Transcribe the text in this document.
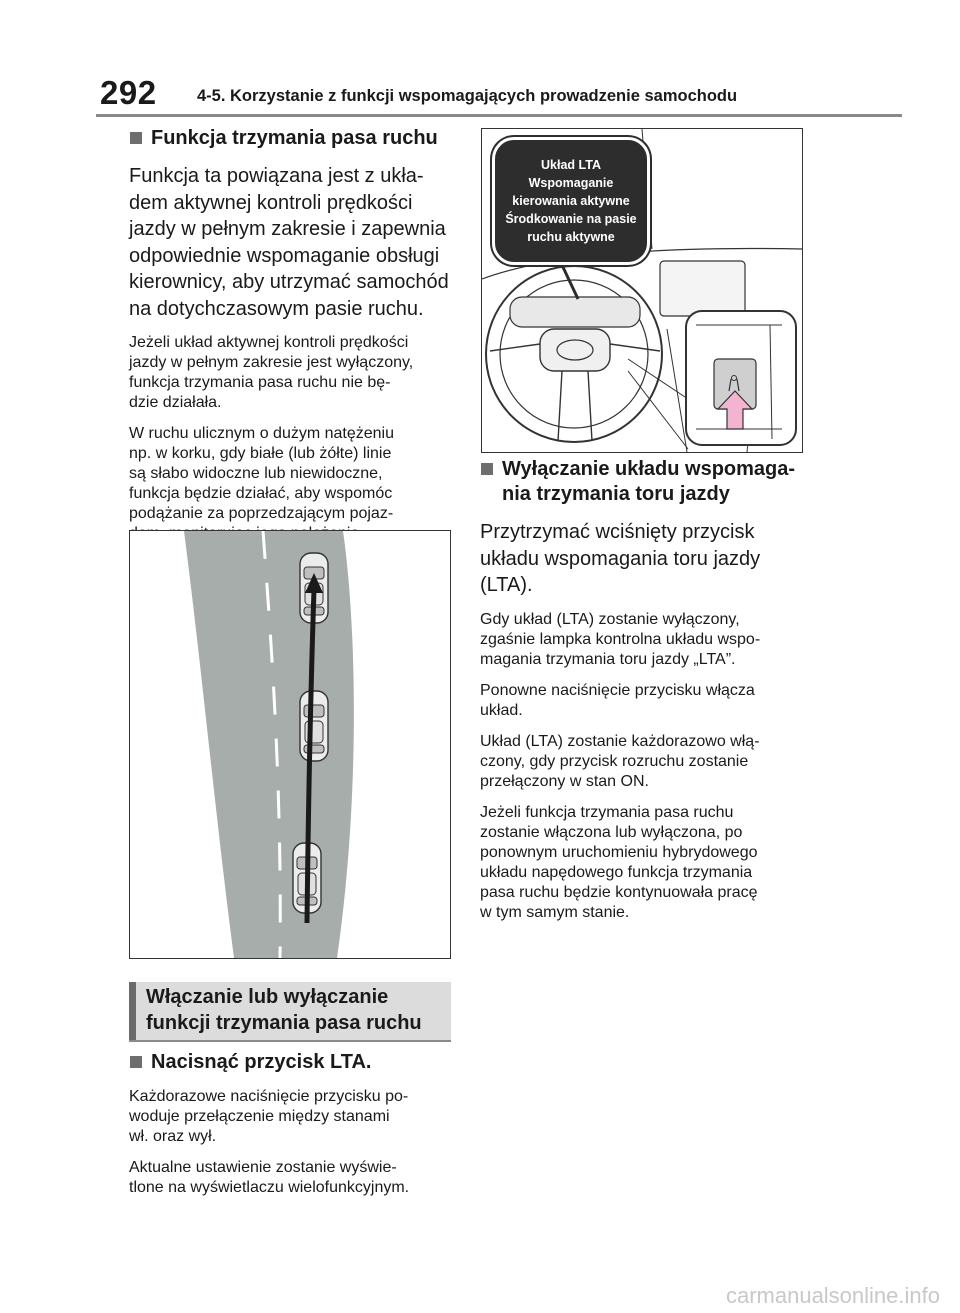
292 4-5. Korzystanie z funkcji wspomagających prowadzenie samochodu
Funkcja trzymania pasa ruchu
Funkcja ta powiązana jest z ukła-
dem aktywnej kontroli prędkości
jazdy w pełnym zakresie i zapewnia
odpowiednie wspomaganie obsługi
kierownicy, aby utrzymać samochód
na dotychczasowym pasie ruchu.
Jeżeli układ aktywnej kontroli prędkości
jazdy w pełnym zakresie jest wyłączony,
funkcja trzymania pasa ruchu nie bę-
dzie działała.
W ruchu ulicznym o dużym natężeniu
np. w korku, gdy białe (lub żółte) linie
są słabo widoczne lub niewidoczne,
funkcja będzie działać, aby wspomóc
podążanie za poprzedzającym pojaz-
Układ LTA
Wspomaganie
kierowania aktywne
Środkowanie na pasie
ruchu aktywne
Wyłączanie układu wspomaga-
nia trzymania toru jazdy
Przytrzymać wciśnięty przycisk
układu wspomagania toru jazdy
(LTA).
Gdy układ (LTA) zostanie wyłączony,
zgaśnie lampka kontrolna układu wspo-
magania trzymania toru jazdy „LTA”.
Ponowne naciśnięcie przycisku włącza
układ.
Układ (LTA) zostanie każdorazowo włą-
czony, gdy przycisk rozruchu zostanie
przełączony w stan ON.
Jeżeli funkcja trzymania pasa ruchu
zostanie włączona lub wyłączona, po
ponownym uruchomieniu hybrydowego
układu napędowego funkcja trzymania
pasa ruchu będzie kontynuowała pracę
w tym samym stanie.
Włączanie lub wyłączanie
funkcji trzymania pasa ruchu
Nacisnąć przycisk LTA.
Każdorazowe naciśnięcie przycisku po-
woduje przełączenie między stanami
wł. oraz wył.
Aktualne ustawienie zostanie wyświe-
tlone na wyświetlaczu wielofunkcyjnym.
carmanualsonline.info
